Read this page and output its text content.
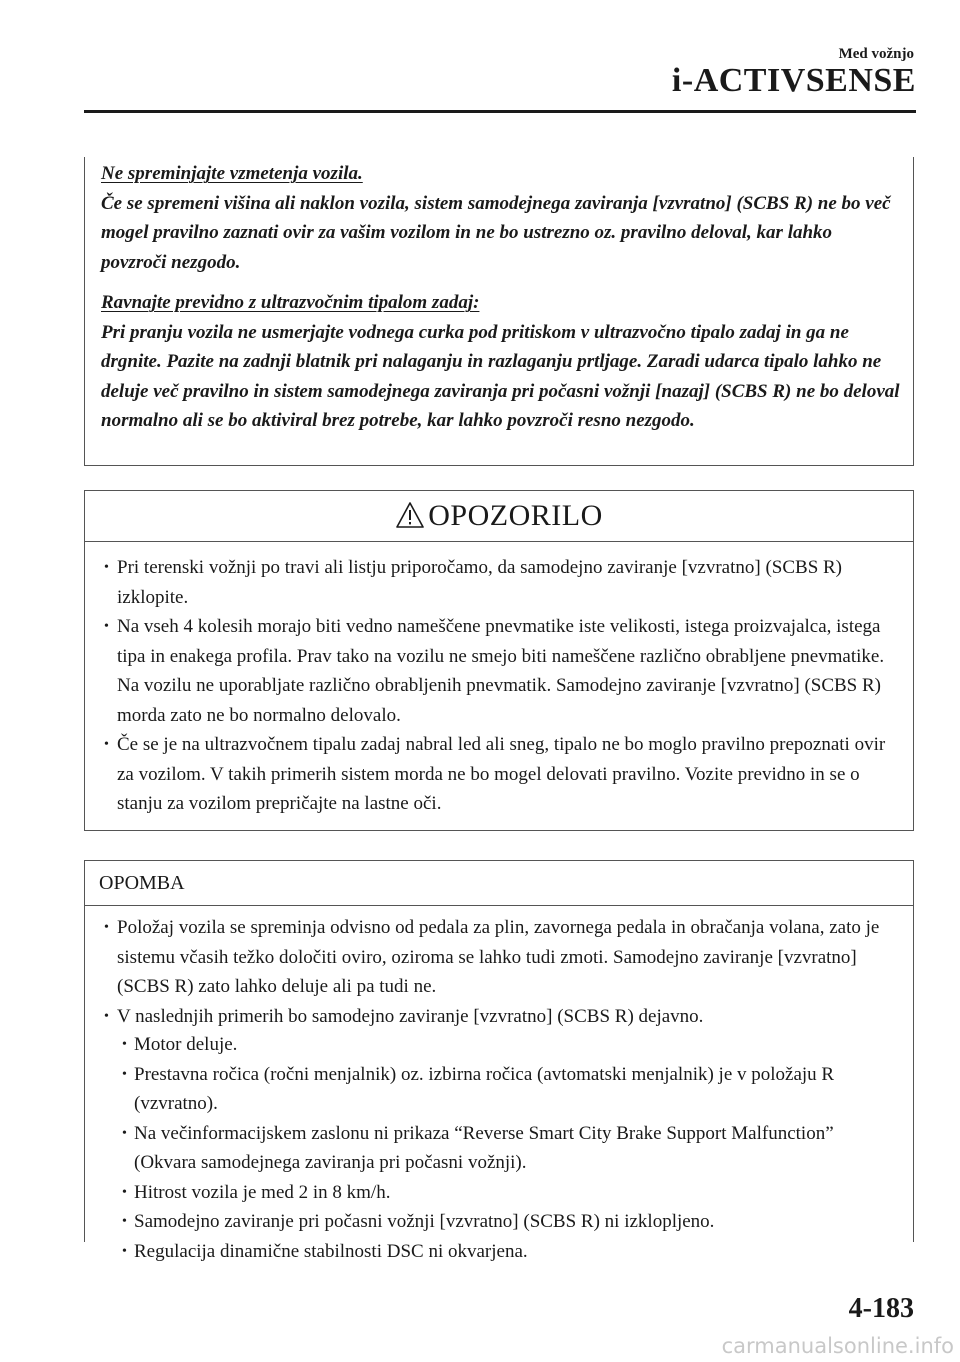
Med vožnjo
i-ACTIVSENSE
Ne spreminjajte vzmetenja vozila.
Če se spremeni višina ali naklon vozila, sistem samodejnega zaviranja [vzvratno] (SCBS R) ne bo več mogel pravilno zaznati ovir za vašim vozilom in ne bo ustrezno oz. pravilno deloval, kar lahko povzroči nezgodo.
Ravnajte previdno z ultrazvočnim tipalom zadaj:
Pri pranju vozila ne usmerjajte vodnega curka pod pritiskom v ultrazvočno tipalo zadaj in ga ne drgnite. Pazite na zadnji blatnik pri nalaganju in razlaganju prtljage. Zaradi udarca tipalo lahko ne deluje več pravilno in sistem samodejnega zaviranja pri počasni vožnji [nazaj] (SCBS R) ne bo deloval normalno ali se bo aktiviral brez potrebe, kar lahko povzroči resno nezgodo.
OPOZORILO
• Pri terenski vožnji po travi ali listju priporočamo, da samodejno zaviranje [vzvratno] (SCBS R) izklopite.
• Na vseh 4 kolesih morajo biti vedno nameščene pnevmatike iste velikosti, istega proizvajalca, istega tipa in enakega profila. Prav tako na vozilu ne smejo biti nameščene različno obrabljene pnevmatike. Na vozilu ne uporabljate različno obrabljenih pnevmatik. Samodejno zaviranje [vzvratno] (SCBS R) morda zato ne bo normalno delovalo.
• Če se je na ultrazvočnem tipalu zadaj nabral led ali sneg, tipalo ne bo moglo pravilno prepoznati ovir za vozilom. V takih primerih sistem morda ne bo mogel delovati pravilno. Vozite previdno in se o stanju za vozilom prepričajte na lastne oči.
OPOMBA
• Položaj vozila se spreminja odvisno od pedala za plin, zavornega pedala in obračanja volana, zato je sistemu včasih težko določiti oviro, oziroma se lahko tudi zmoti. Samodejno zaviranje [vzvratno] (SCBS R) zato lahko deluje ali pa tudi ne.
• V naslednjih primerih bo samodejno zaviranje [vzvratno] (SCBS R) dejavno.
• Motor deluje.
• Prestavna ročica (ročni menjalnik) oz. izbirna ročica (avtomatski menjalnik) je v položaju R (vzvratno).
• Na večinformacijskem zaslonu ni prikaza “Reverse Smart City Brake Support Malfunction” (Okvara samodejnega zaviranja pri počasni vožnji).
• Hitrost vozila je med 2 in 8 km/h.
• Samodejno zaviranje pri počasni vožnji [vzvratno] (SCBS R) ni izklopljeno.
• Regulacija dinamične stabilnosti DSC ni okvarjena.
4-183
carmanualsonline.info
